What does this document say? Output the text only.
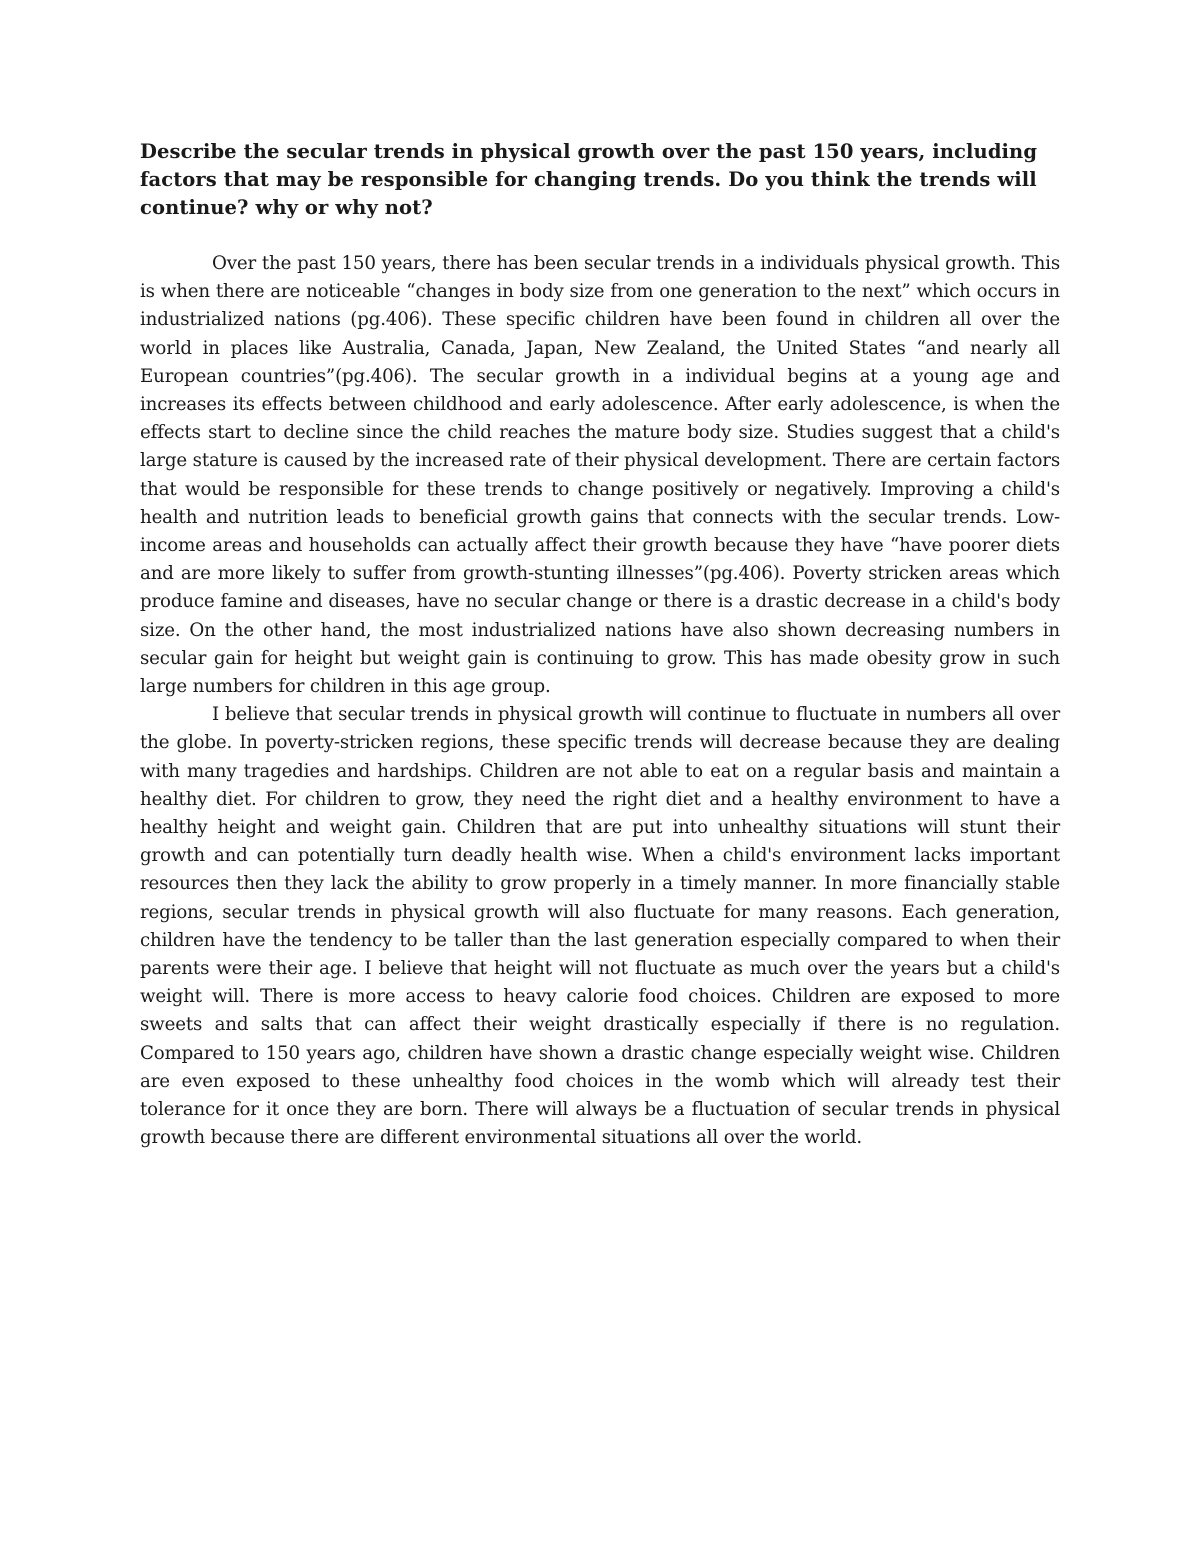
Describe the secular trends in physical growth over the past 150 years, including factors that may be responsible for changing trends. Do you think the trends will continue? why or why not?

Over the past 150 years, there has been secular trends in a individuals physical growth. This is when there are noticeable “changes in body size from one generation to the next” which occurs in industrialized nations (pg.406). These specific children have been found in children all over the world in places like Australia, Canada, Japan, New Zealand, the United States “and nearly all European countries”(pg.406). The secular growth in a individual begins at a young age and increases its effects between childhood and early adolescence. After early adolescence, is when the effects start to decline since the child reaches the mature body size. Studies suggest that a child's large stature is caused by the increased rate of their physical development. There are certain factors that would be responsible for these trends to change positively or negatively. Improving a child's health and nutrition leads to beneficial growth gains that connects with the secular trends. Low-income areas and households can actually affect their growth because they have “have poorer diets and are more likely to suffer from growth-stunting illnesses”(pg.406). Poverty stricken areas which produce famine and diseases, have no secular change or there is a drastic decrease in a child's body size. On the other hand, the most industrialized nations have also shown decreasing numbers in secular gain for height but weight gain is continuing to grow. This has made obesity grow in such large numbers for children in this age group.

I believe that secular trends in physical growth will continue to fluctuate in numbers all over the globe. In poverty-stricken regions, these specific trends will decrease because they are dealing with many tragedies and hardships. Children are not able to eat on a regular basis and maintain a healthy diet. For children to grow, they need the right diet and a healthy environment to have a healthy height and weight gain. Children that are put into unhealthy situations will stunt their growth and can potentially turn deadly health wise. When a child's environment lacks important resources then they lack the ability to grow properly in a timely manner. In more financially stable regions, secular trends in physical growth will also fluctuate for many reasons. Each generation, children have the tendency to be taller than the last generation especially compared to when their parents were their age. I believe that height will not fluctuate as much over the years but a child's weight will. There is more access to heavy calorie food choices. Children are exposed to more sweets and salts that can affect their weight drastically especially if there is no regulation. Compared to 150 years ago, children have shown a drastic change especially weight wise. Children are even exposed to these unhealthy food choices in the womb which will already test their tolerance for it once they are born. There will always be a fluctuation of secular trends in physical growth because there are different environmental situations all over the world.
